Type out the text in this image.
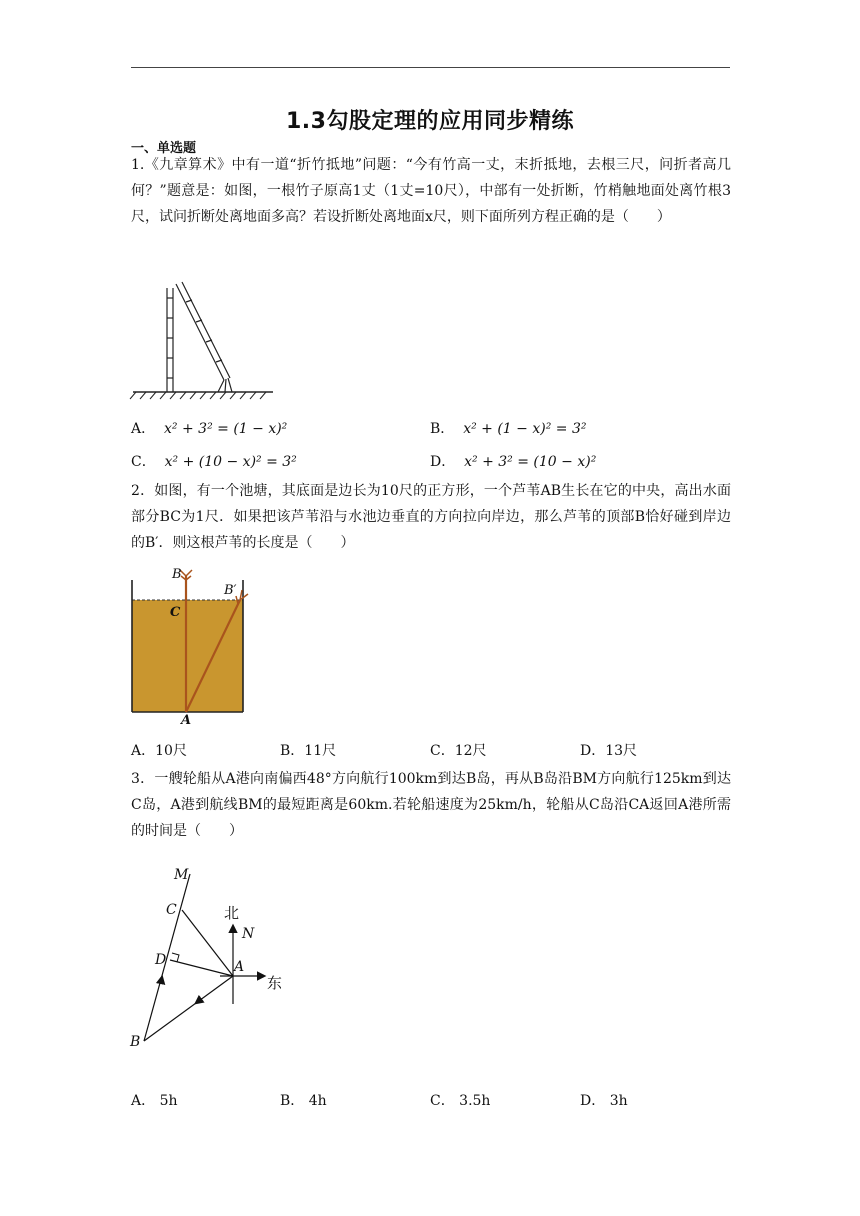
1.3勾股定理的应用同步精练
一、单选题
1.《九章算术》中有一道“折竹抵地”问题：“今有竹高一丈，末折抵地，去根三尺，问折者高几何？”题意是：如图，一根竹子原高1丈（1丈=10尺），中部有一处折断，竹梢触地面处离竹根3尺，试问折断处离地面多高？若设折断处离地面x尺，则下面所列方程正确的是（　　）
A． x² + 3² = (1 − x)²	B． x² + (1 − x)² = 3²
C． x² + (10 − x)² = 3²	D． x² + 3² = (10 − x)²
2．如图，有一个池塘，其底面是边长为10尺的正方形，一个芦苇AB生长在它的中央，高出水面部分BC为1尺．如果把该芦苇沿与水池边垂直的方向拉向岸边，那么芦苇的顶部B恰好碰到岸边的B′．则这根芦苇的长度是（　　）
B
C
B′
A
A．10尺	B．11尺	C．12尺	D．13尺
3．一艘轮船从A港向南偏西48°方向航行100km到达B岛，再从B岛沿BM方向航行125km到达C岛，A港到航线BM的最短距离是60km.若轮船速度为25km/h，轮船从C岛沿CA返回A港所需的时间是（　　）
M
C
D	A
B
N
北
东
A． 5h	B． 4h	C． 3.5h	D． 3h
